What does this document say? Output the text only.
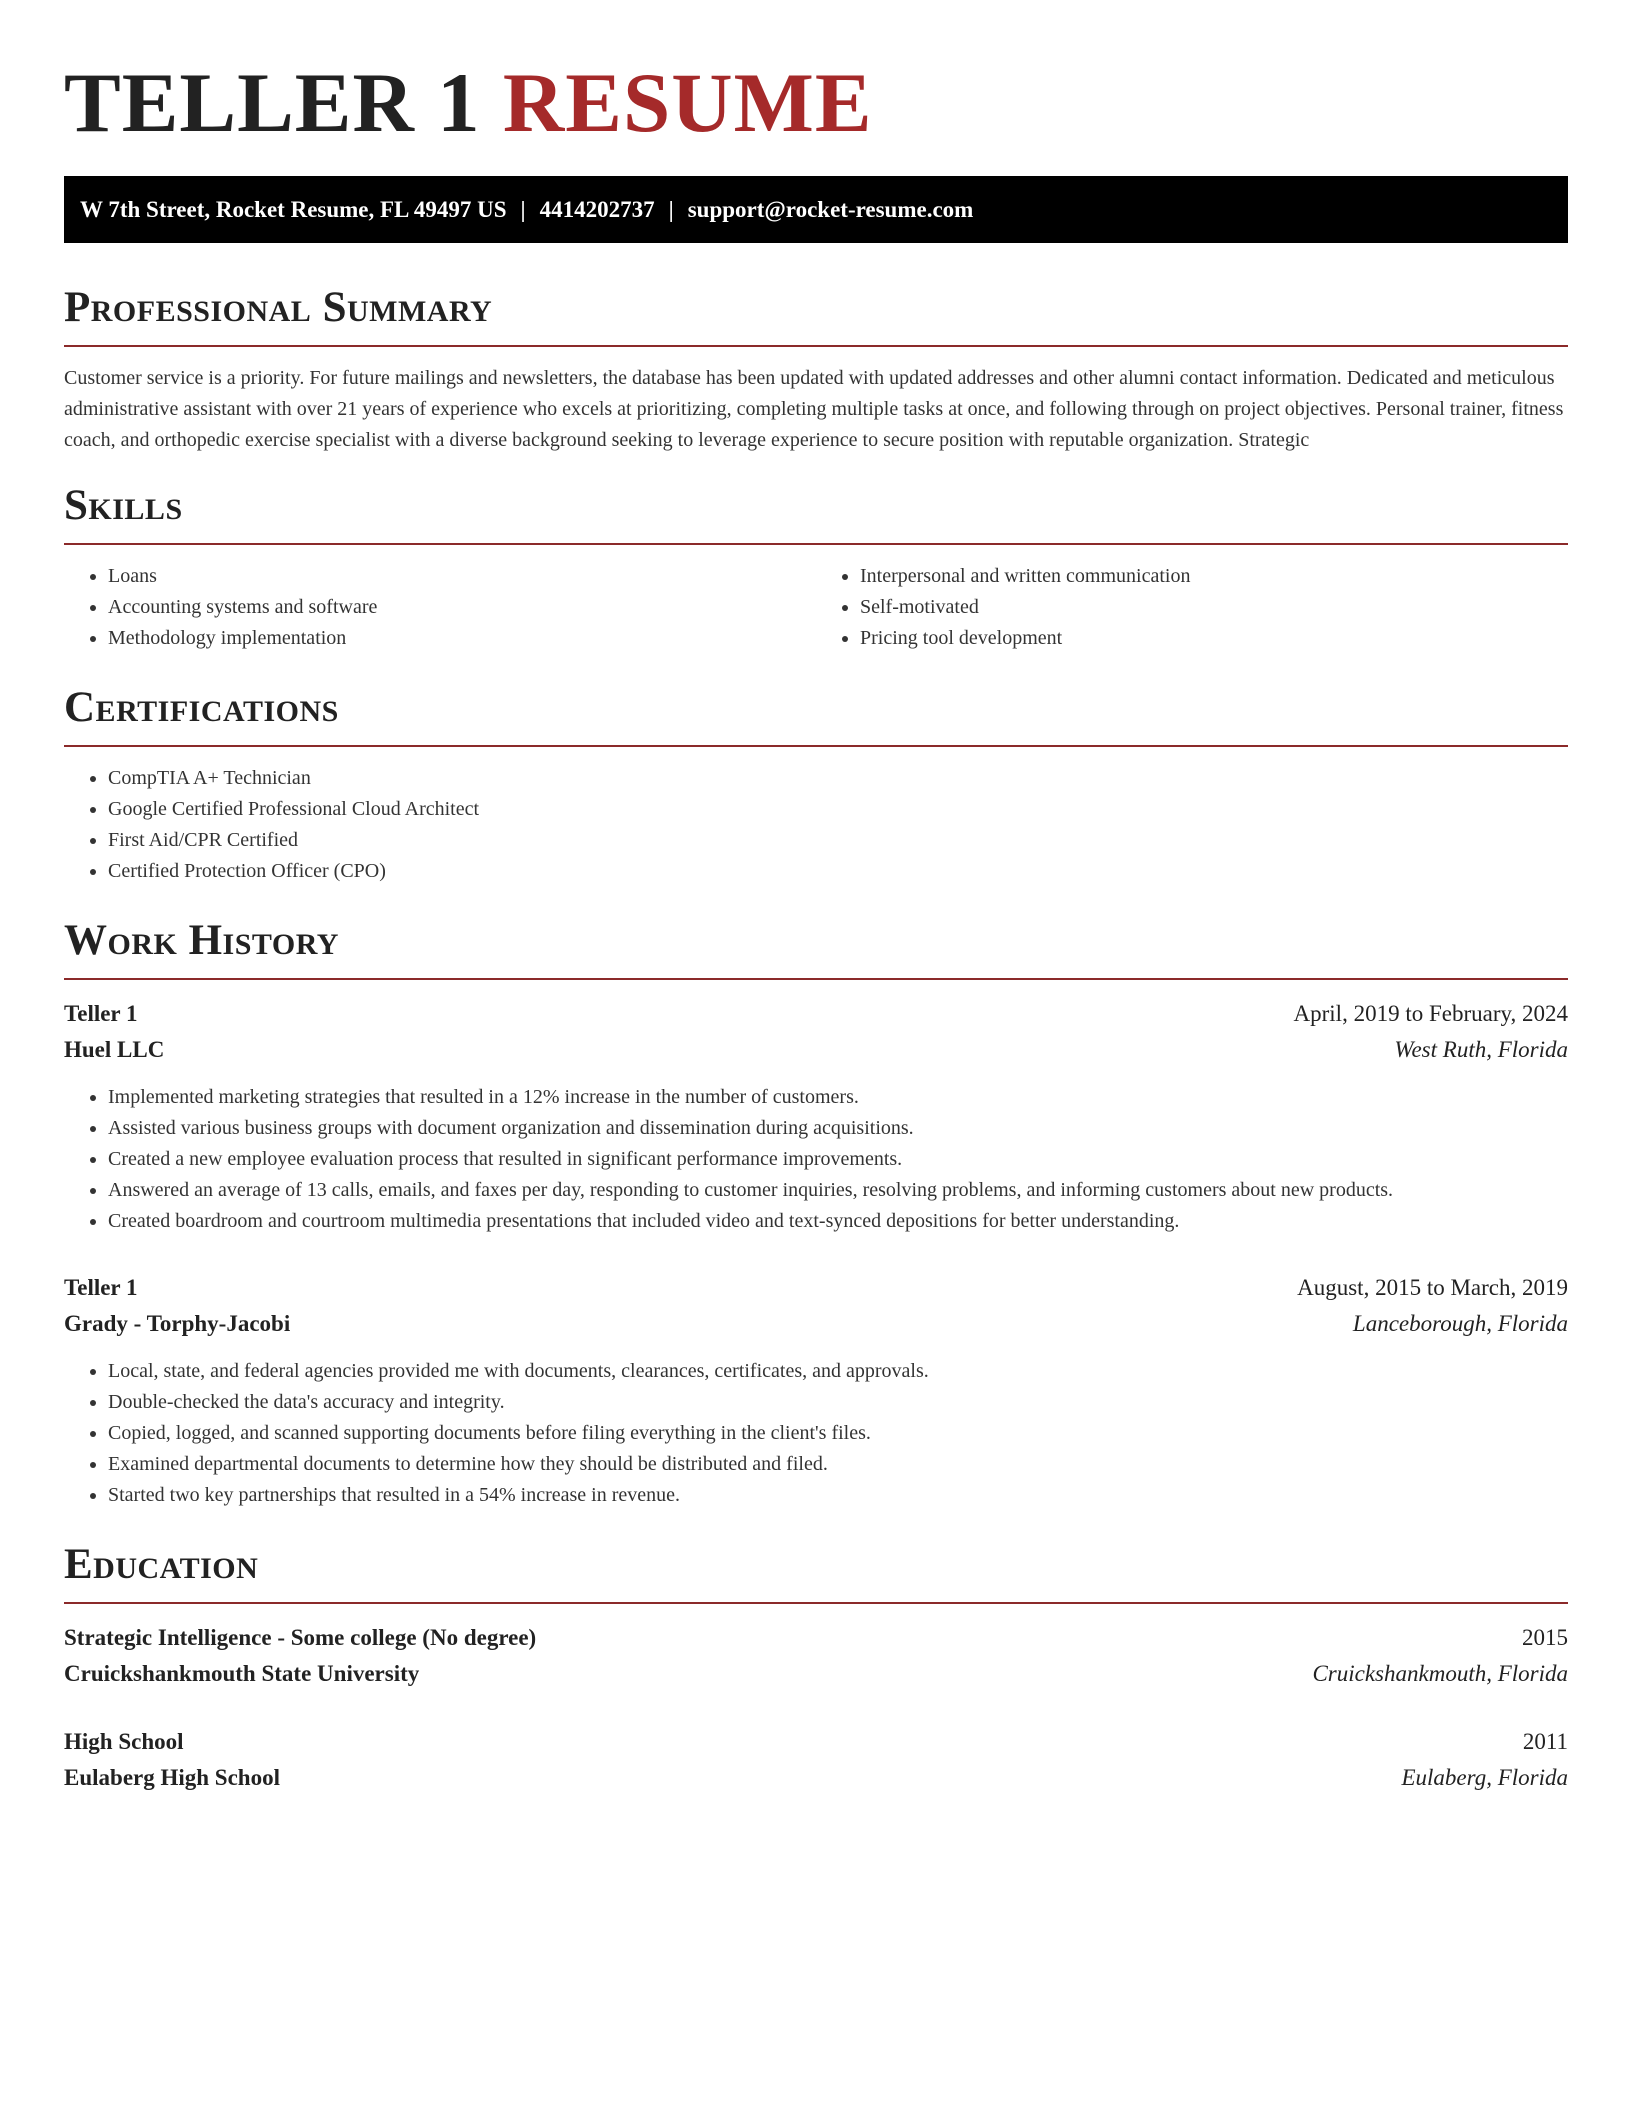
TELLER 1 RESUME
W 7th Street, Rocket Resume, FL 49497 US | 4414202737 | support@rocket-resume.com
Professional Summary

Customer service is a priority. For future mailings and newsletters, the database has been updated with updated addresses and other alumni contact information. Dedicated and meticulous administrative assistant with over 21 years of experience who excels at prioritizing, completing multiple tasks at once, and following through on project objectives. Personal trainer, fitness coach, and orthopedic exercise specialist with a diverse background seeking to leverage experience to secure position with reputable organization. Strategic

Skills
• Loans
• Accounting systems and software
• Methodology implementation
• Interpersonal and written communication
• Self-motivated
• Pricing tool development
Certifications
• CompTIA A+ Technician
• Google Certified Professional Cloud Architect
• First Aid/CPR Certified
• Certified Protection Officer (CPO)
Work History
Teller 1	April, 2019 to February, 2024
Huel LLC	West Ruth, Florida
• Implemented marketing strategies that resulted in a 12% increase in the number of customers.
• Assisted various business groups with document organization and dissemination during acquisitions.
• Created a new employee evaluation process that resulted in significant performance improvements.
• Answered an average of 13 calls, emails, and faxes per day, responding to customer inquiries, resolving problems, and informing customers about new products.
• Created boardroom and courtroom multimedia presentations that included video and text-synced depositions for better understanding.
Teller 1	August, 2015 to March, 2019
Grady - Torphy-Jacobi	Lanceborough, Florida
• Local, state, and federal agencies provided me with documents, clearances, certificates, and approvals.
• Double-checked the data's accuracy and integrity.
• Copied, logged, and scanned supporting documents before filing everything in the client's files.
• Examined departmental documents to determine how they should be distributed and filed.
• Started two key partnerships that resulted in a 54% increase in revenue.
Education
Strategic Intelligence - Some college (No degree)	2015
Cruickshankmouth State University	Cruickshankmouth, Florida
High School	2011
Eulaberg High School	Eulaberg, Florida
